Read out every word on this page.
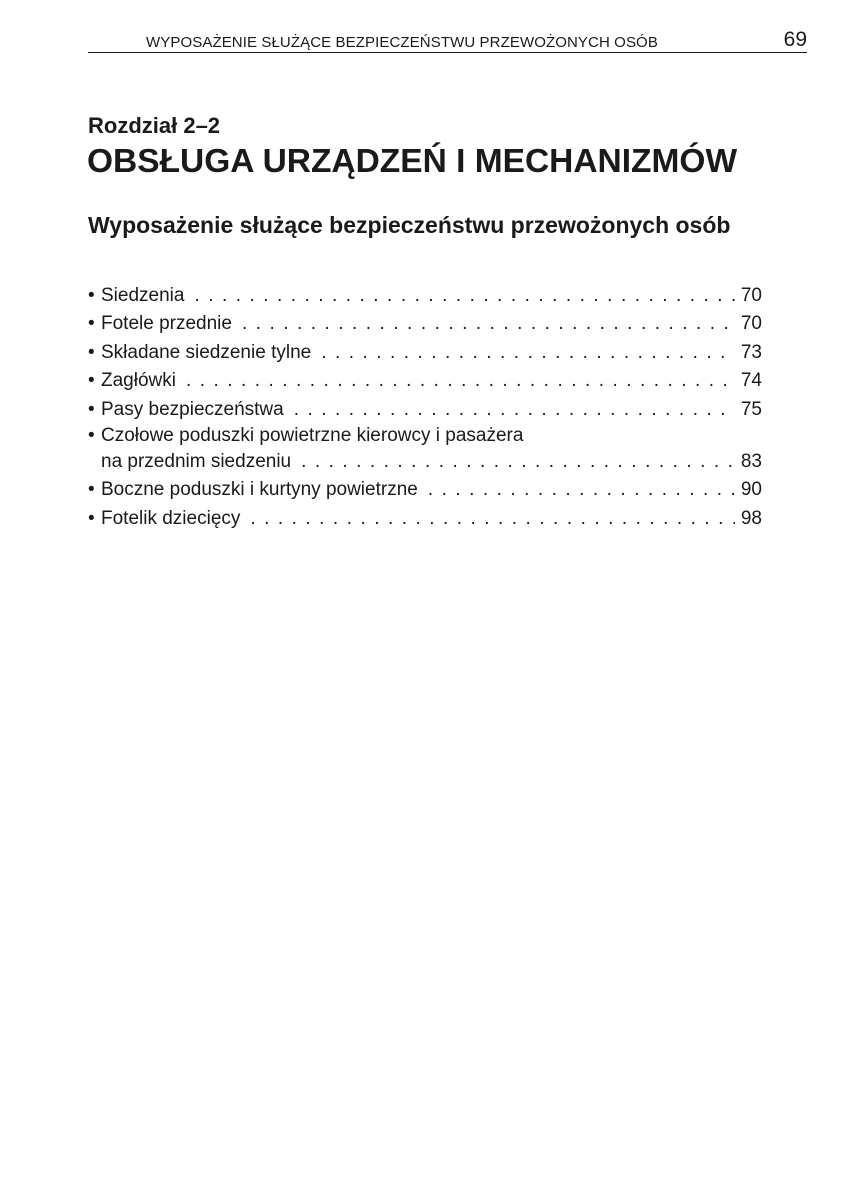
WYPOSAŻENIE SŁUŻĄCE BEZPIECZEŃSTWU PRZEWOŻONYCH OSÓB	69
Rozdział 2–2
OBSŁUGA URZĄDZEŃ I MECHANIZMÓW
Wyposażenie służące bezpieczeństwu przewożonych osób
• Siedzenia . . .	70
• Fotele przednie . . .	70
• Składane siedzenie tylne . . .	73
• Zagłówki . . .	74
• Pasy bezpieczeństwa . . .	75
• Czołowe poduszki powietrzne kierowcy i pasażera
na przednim siedzeniu . . .	83
• Boczne poduszki i kurtyny powietrzne . . .	90
• Fotelik dziecięcy . . .	98
